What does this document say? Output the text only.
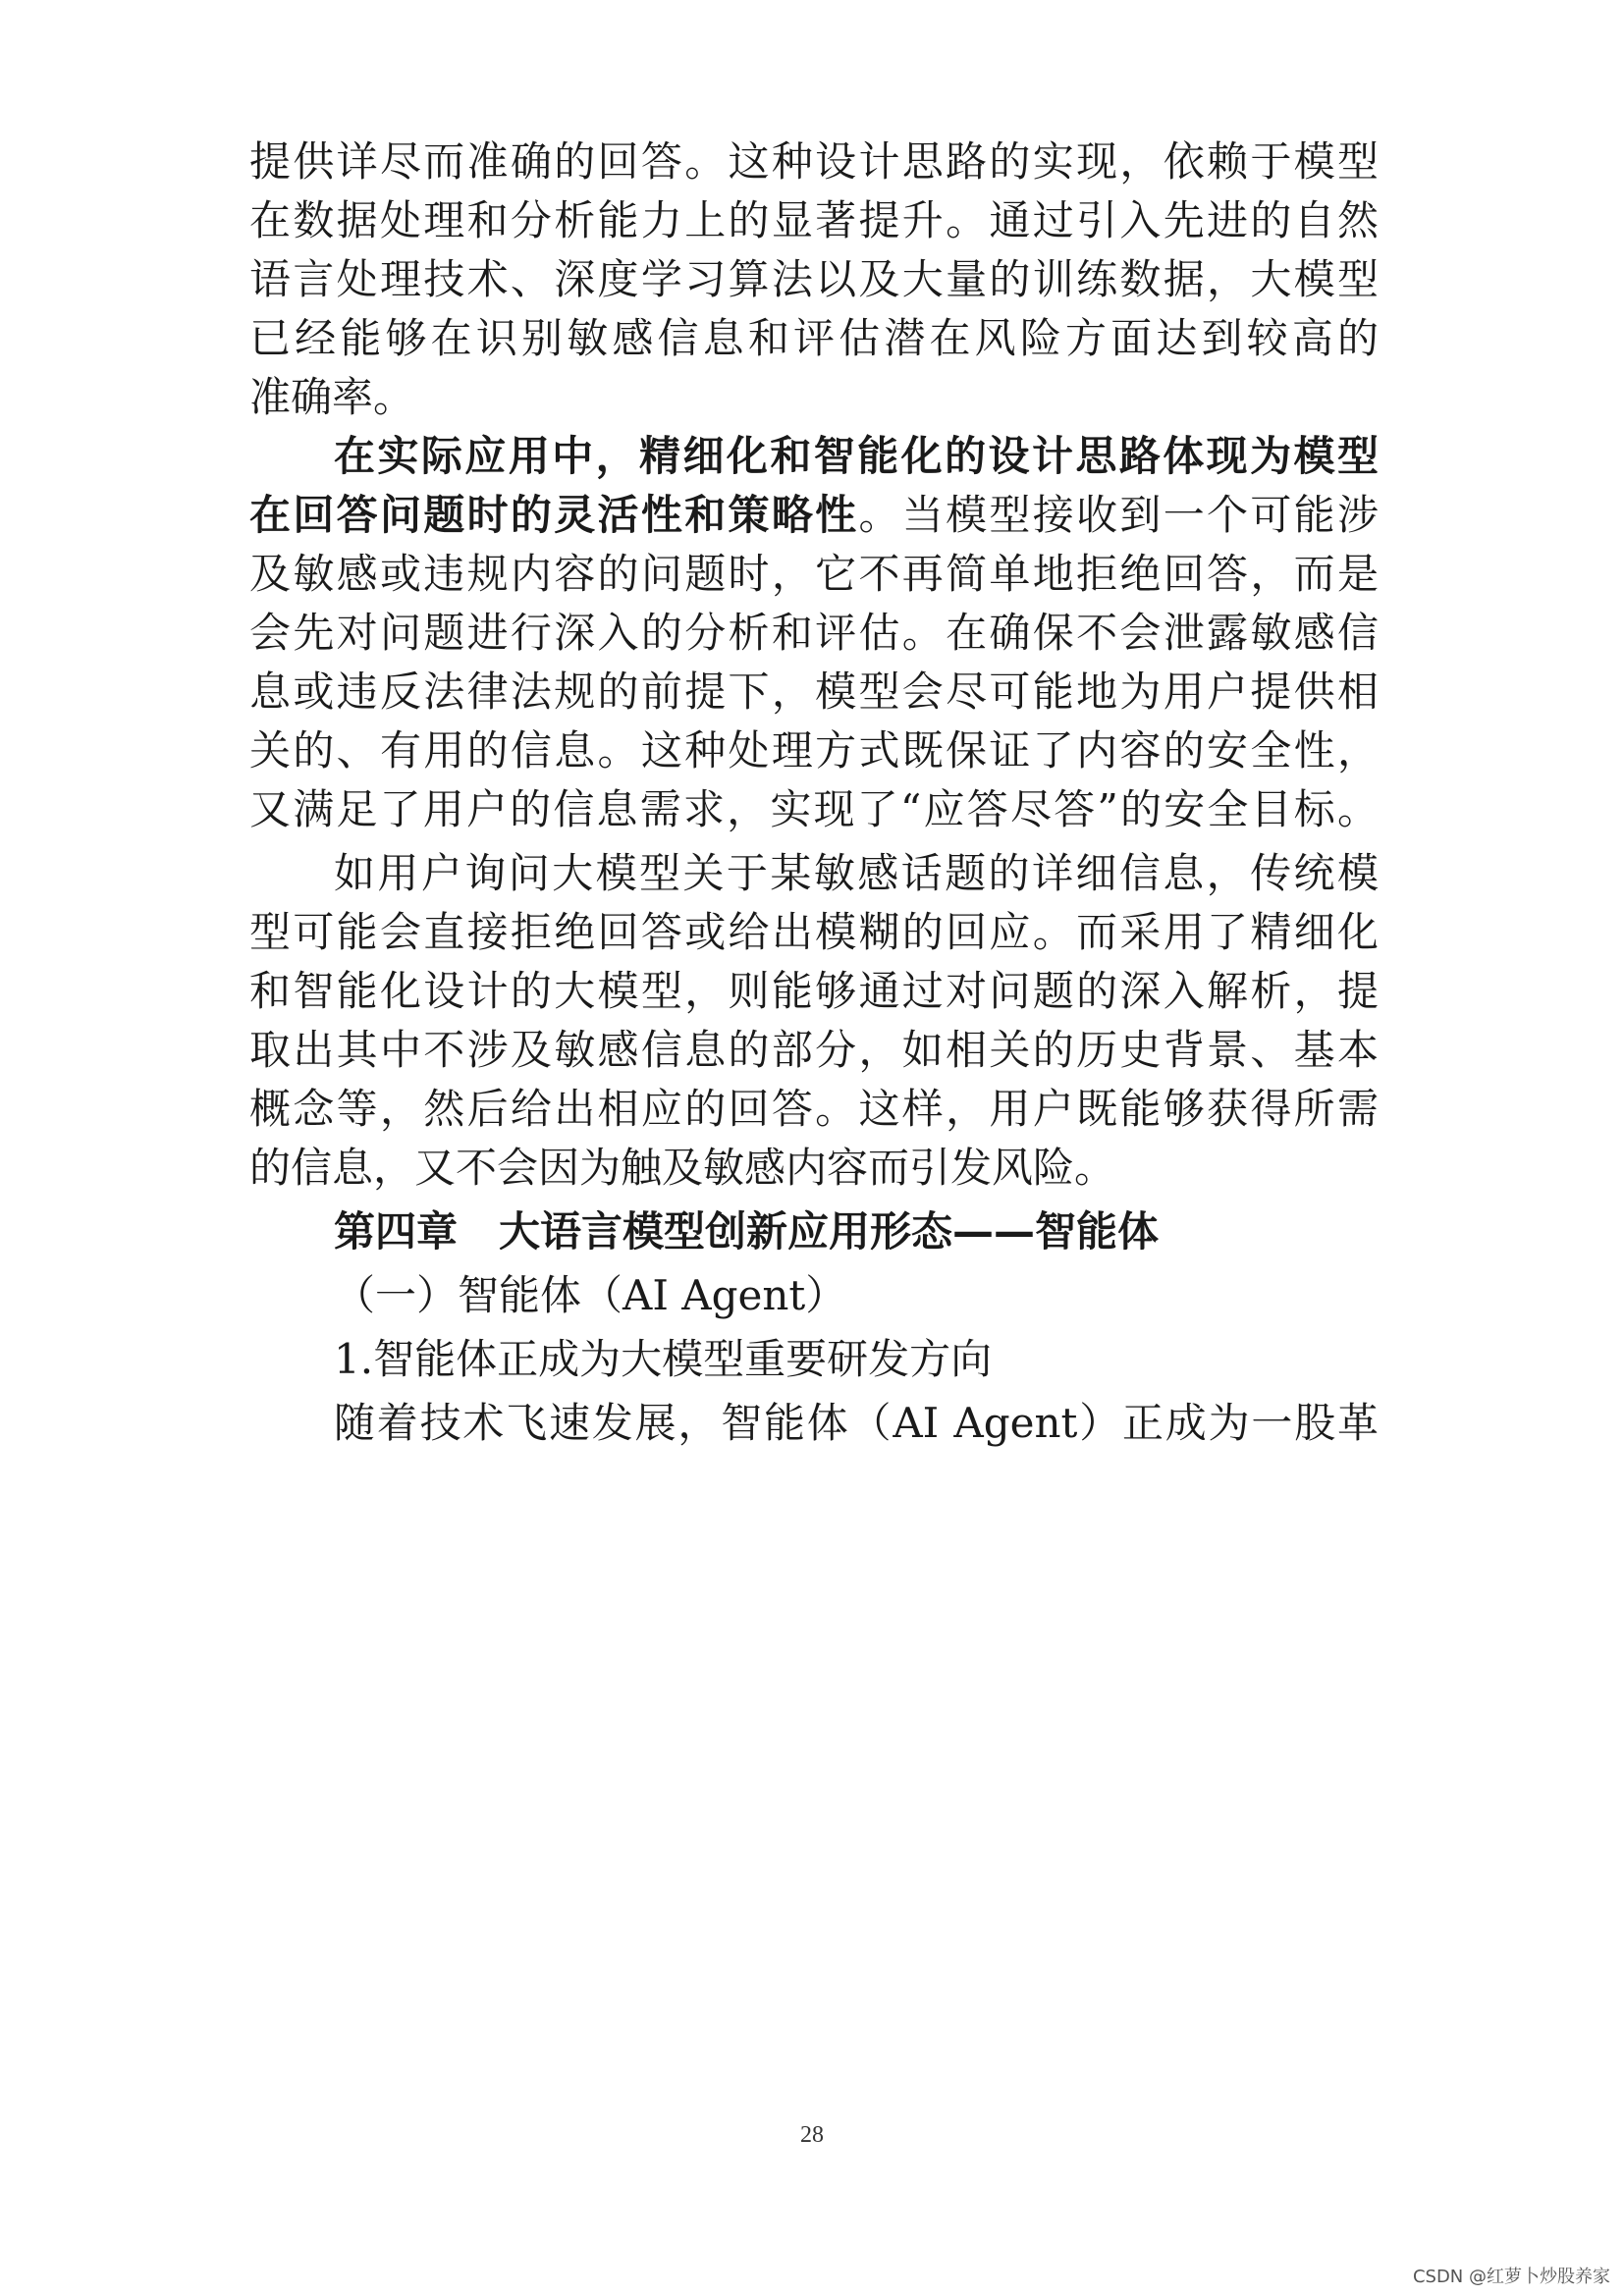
提供详尽而准确的回答。这种设计思路的实现，依赖于模型
在数据处理和分析能力上的显著提升。通过引入先进的自然
语言处理技术、深度学习算法以及大量的训练数据，大模型
已经能够在识别敏感信息和评估潜在风险方面达到较高的
准确率。
在实际应用中，精细化和智能化的设计思路体现为模型
在回答问题时的灵活性和策略性。当模型接收到一个可能涉
及敏感或违规内容的问题时，它不再简单地拒绝回答，而是
会先对问题进行深入的分析和评估。在确保不会泄露敏感信
息或违反法律法规的前提下，模型会尽可能地为用户提供相
关的、有用的信息。这种处理方式既保证了内容的安全性，
又满足了用户的信息需求，实现了“应答尽答”的安全目标。
如用户询问大模型关于某敏感话题的详细信息，传统模
型可能会直接拒绝回答或给出模糊的回应。而采用了精细化
和智能化设计的大模型，则能够通过对问题的深入解析，提
取出其中不涉及敏感信息的部分，如相关的历史背景、基本
概念等，然后给出相应的回答。这样，用户既能够获得所需
的信息，又不会因为触及敏感内容而引发风险。
第四章　大语言模型创新应用形态——智能体
（一）智能体（AI Agent）
1.智能体正成为大模型重要研发方向
随着技术飞速发展，智能体（AI Agent）正成为一股革
28
CSDN @红萝卜炒股养家
